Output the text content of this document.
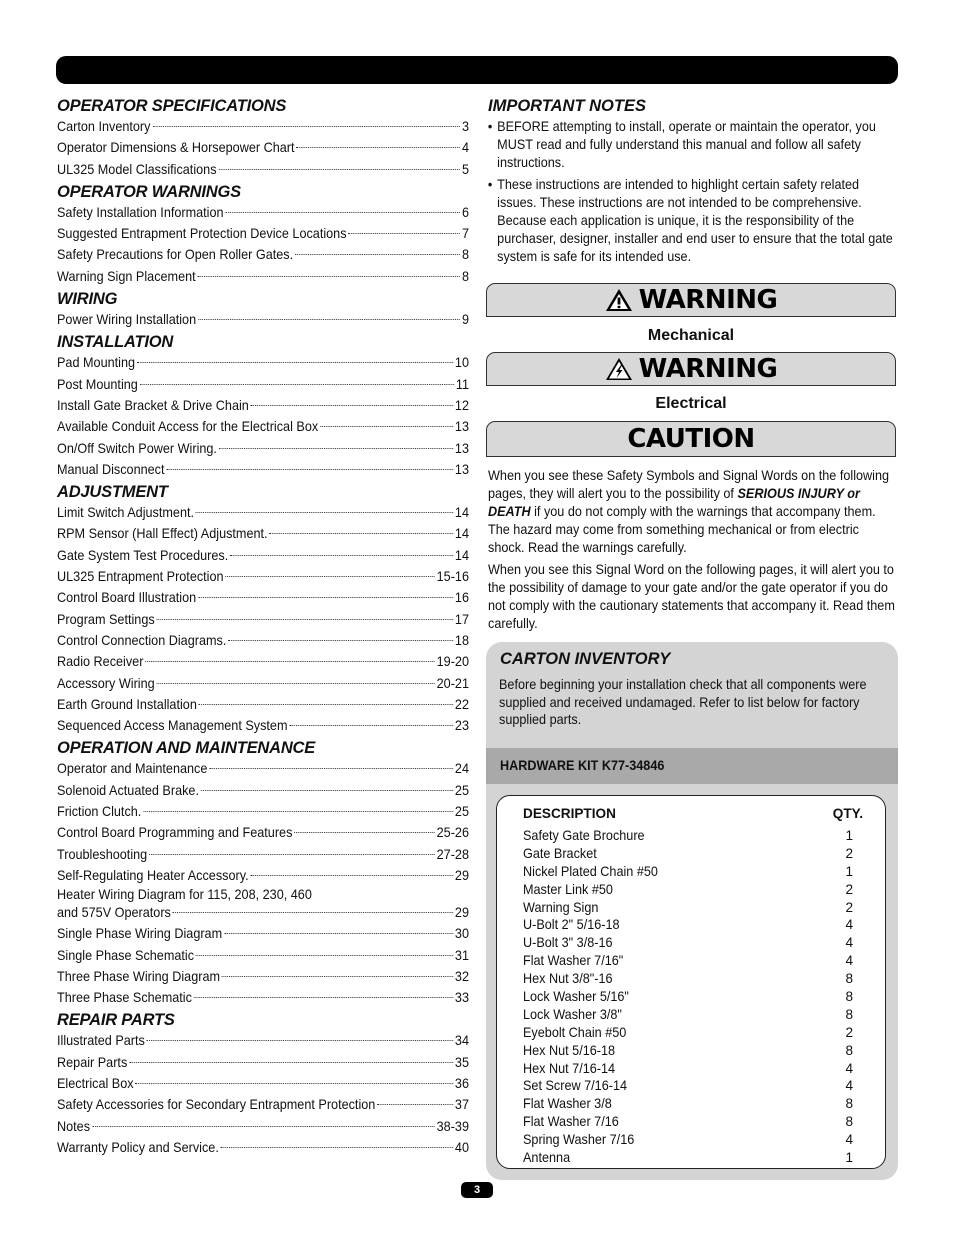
OPERATOR SPECIFICATIONS
Carton Inventory	3
Operator Dimensions & Horsepower Chart	4
UL325 Model Classifications	5
OPERATOR WARNINGS
Safety Installation Information	6
Suggested Entrapment Protection Device Locations	7
Safety Precautions for Open Roller Gates.	8
Warning Sign Placement	8
WIRING
Power Wiring Installation	9
INSTALLATION
Pad Mounting	10
Post Mounting	11
Install Gate Bracket & Drive Chain	12
Available Conduit Access for the Electrical Box	13
On/Off Switch Power Wiring.	13
Manual Disconnect	13
ADJUSTMENT
Limit Switch Adjustment.	14
RPM Sensor (Hall Effect) Adjustment.	14
Gate System Test Procedures.	14
UL325 Entrapment Protection	15-16
Control Board Illustration	16
Program Settings	17
Control Connection Diagrams.	18
Radio Receiver	19-20
Accessory Wiring	20-21
Earth Ground Installation	22
Sequenced Access Management System	23
OPERATION AND MAINTENANCE
Operator and Maintenance	24
Solenoid Actuated Brake.	25
Friction Clutch.	25
Control Board Programming and Features	25-26
Troubleshooting	27-28
Self-Regulating Heater Accessory.	29
Heater Wiring Diagram for 115, 208, 230, 460
and 575V Operators	29
Single Phase Wiring Diagram	30
Single Phase Schematic	31
Three Phase Wiring Diagram	32
Three Phase Schematic	33
REPAIR PARTS
Illustrated Parts	34
Repair Parts	35
Electrical Box	36
Safety Accessories for Secondary Entrapment Protection	37
Notes	38-39
Warranty Policy and Service.	40
IMPORTANT NOTES
• BEFORE attempting to install, operate or maintain the operator, you MUST read and fully understand this manual and follow all safety instructions.
• These instructions are intended to highlight certain safety related issues. These instructions are not intended to be comprehensive. Because each application is unique, it is the responsibility of the purchaser, designer, installer and end user to ensure that the total gate system is safe for its intended use.
WARNING
Mechanical
WARNING
Electrical
CAUTION
When you see these Safety Symbols and Signal Words on the following pages, they will alert you to the possibility of SERIOUS INJURY or DEATH if you do not comply with the warnings that accompany them. The hazard may come from something mechanical or from electric shock. Read the warnings carefully.
When you see this Signal Word on the following pages, it will alert you to the possibility of damage to your gate and/or the gate operator if you do not comply with the cautionary statements that accompany it. Read them carefully.
CARTON INVENTORY
Before beginning your installation check that all components were supplied and received undamaged. Refer to list below for factory supplied parts.
HARDWARE KIT K77-34846
DESCRIPTION	QTY.
Safety Gate Brochure	1
Gate Bracket	2
Nickel Plated Chain #50	1
Master Link #50	2
Warning Sign	2
U-Bolt 2" 5/16-18	4
U-Bolt 3" 3/8-16	4
Flat Washer 7/16"	4
Hex Nut 3/8"-16	8
Lock Washer 5/16"	8
Lock Washer 3/8"	8
Eyebolt Chain #50	2
Hex Nut 5/16-18	8
Hex Nut 7/16-14	4
Set Screw 7/16-14	4
Flat Washer 3/8	8
Flat Washer 7/16	8
Spring Washer 7/16	4
Antenna	1
3
